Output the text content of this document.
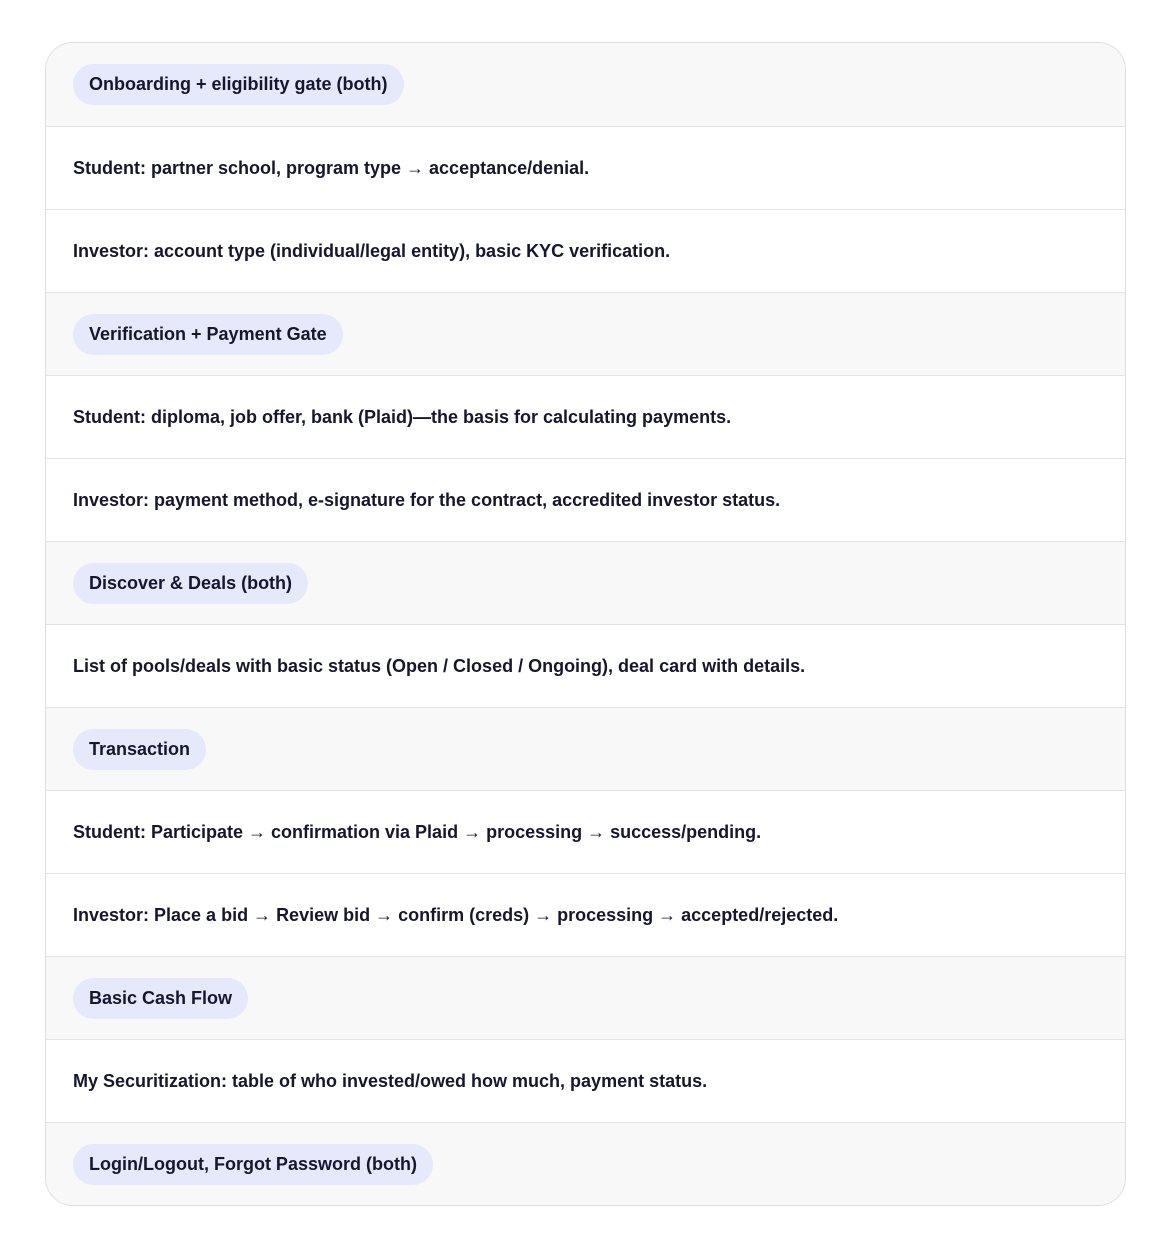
Onboarding + eligibility gate (both)
Student: partner school, program type → acceptance/denial.
Investor: account type (individual/legal entity), basic KYC verification.
Verification + Payment Gate
Student: diploma, job offer, bank (Plaid)—the basis for calculating payments.
Investor: payment method, e-signature for the contract, accredited investor status.
Discover & Deals (both)
List of pools/deals with basic status (Open / Closed / Ongoing), deal card with details.
Transaction
Student: Participate → confirmation via Plaid → processing → success/pending.
Investor: Place a bid → Review bid → confirm (creds) → processing → accepted/rejected.
Basic Cash Flow
My Securitization: table of who invested/owed how much, payment status.
Login/Logout, Forgot Password (both)
